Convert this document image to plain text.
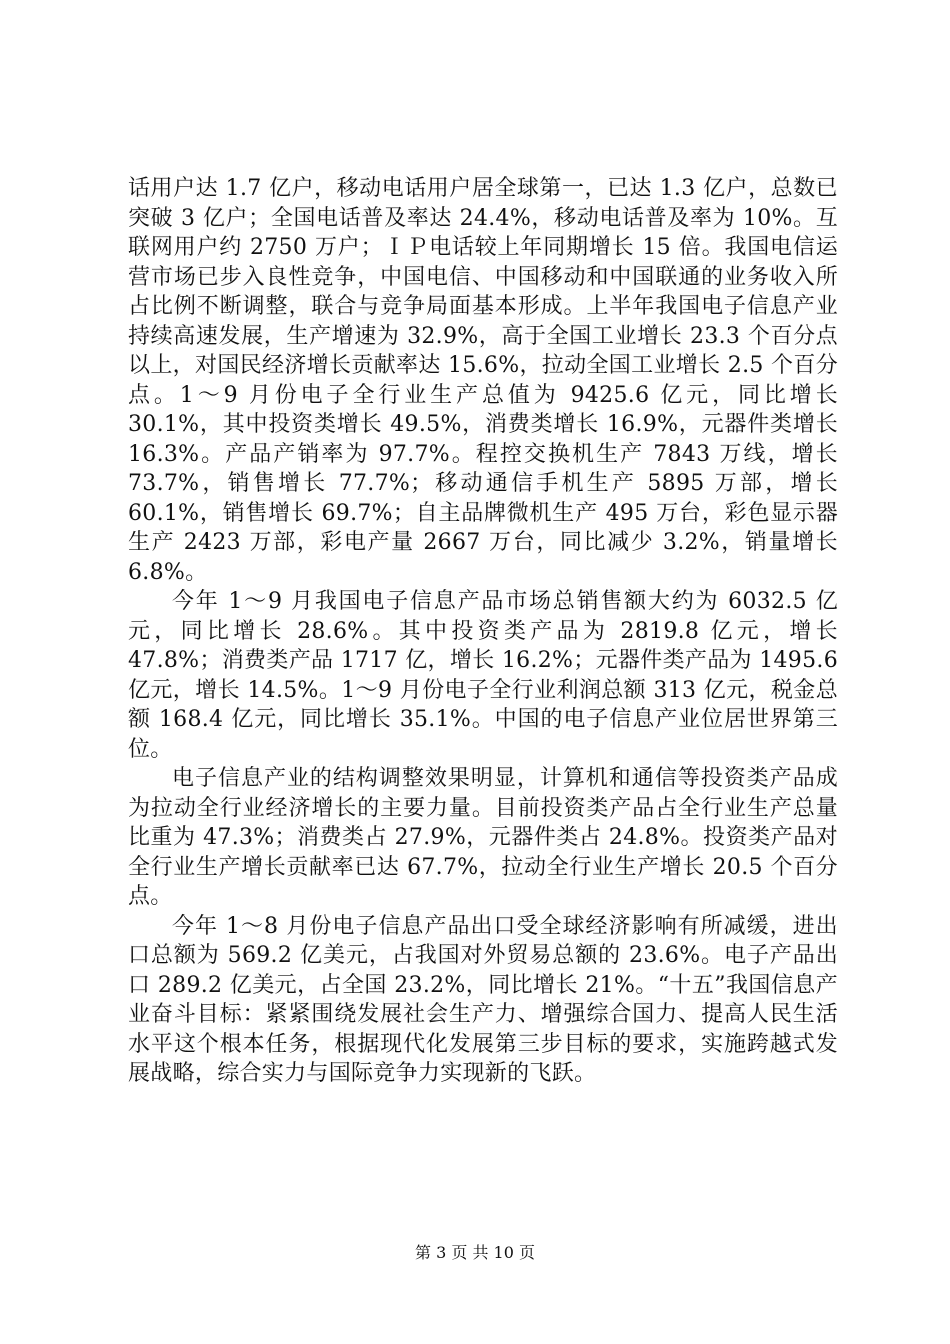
话用户达 1.7 亿户，移动电话用户居全球第一，已达 1.3 亿户，总数已突破 3 亿户；全国电话普及率达 24.4%，移动电话普及率为 10%。互联网用户约 2750 万户；ＩＰ电话较上年同期增长 15 倍。我国电信运营市场已步入良性竞争，中国电信、中国移动和中国联通的业务收入所占比例不断调整，联合与竞争局面基本形成。上半年我国电子信息产业持续高速发展，生产增速为 32.9%，高于全国工业增长 23.3 个百分点以上，对国民经济增长贡献率达 15.6%，拉动全国工业增长 2.5 个百分点。1～9 月份电子全行业生产总值为 9425.6 亿元，同比增长 30.1%，其中投资类增长 49.5%，消费类增长 16.9%，元器件类增长 16.3%。产品产销率为 97.7%。程控交换机生产 7843 万线，增长 73.7%，销售增长 77.7%；移动通信手机生产 5895 万部，增长 60.1%，销售增长 69.7%；自主品牌微机生产 495 万台，彩色显示器生产 2423 万部，彩电产量 2667 万台，同比减少 3.2%，销量增长 6.8%。

今年 1～9 月我国电子信息产品市场总销售额大约为 6032.5 亿元，同比增长 28.6%。其中投资类产品为 2819.8 亿元，增长 47.8%；消费类产品 1717 亿，增长 16.2%；元器件类产品为 1495.6 亿元，增长 14.5%。1～9 月份电子全行业利润总额 313 亿元，税金总额 168.4 亿元，同比增长 35.1%。中国的电子信息产业位居世界第三位。

电子信息产业的结构调整效果明显，计算机和通信等投资类产品成为拉动全行业经济增长的主要力量。目前投资类产品占全行业生产总量比重为 47.3%；消费类占 27.9%，元器件类占 24.8%。投资类产品对全行业生产增长贡献率已达 67.7%，拉动全行业生产增长 20.5 个百分点。

今年 1～8 月份电子信息产品出口受全球经济影响有所减缓，进出口总额为 569.2 亿美元，占我国对外贸易总额的 23.6%。电子产品出口 289.2 亿美元，占全国 23.2%，同比增长 21%。“十五”我国信息产业奋斗目标：紧紧围绕发展社会生产力、增强综合国力、提高人民生活水平这个根本任务，根据现代化发展第三步目标的要求，实施跨越式发展战略，综合实力与国际竞争力实现新的飞跃。

第 3 页 共 10 页
